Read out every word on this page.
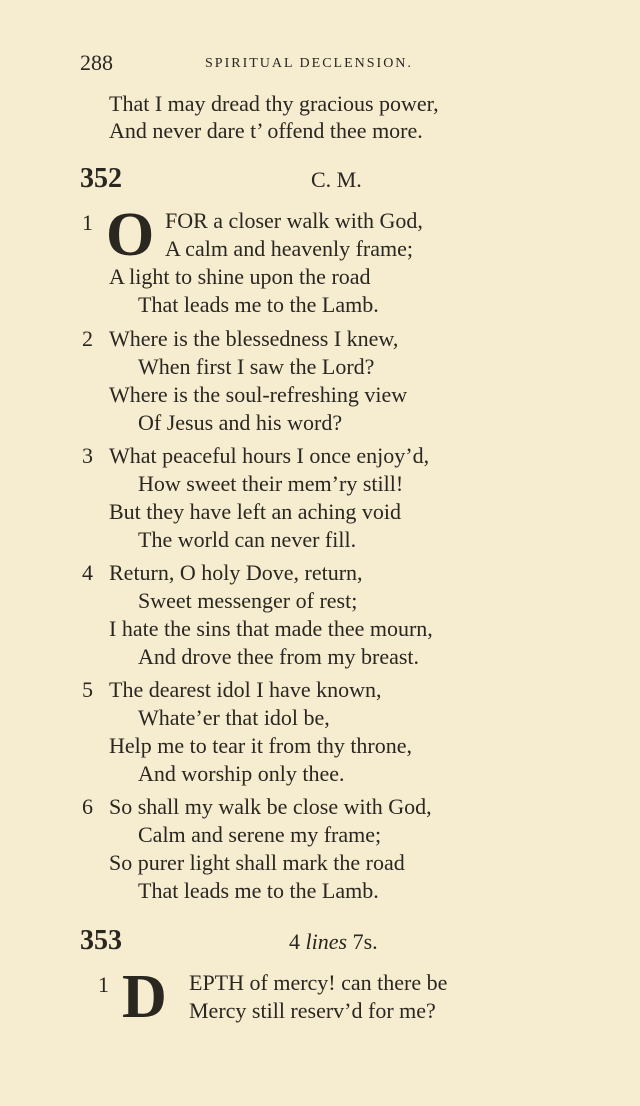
288	SPIRITUAL DECLENSION.
That I may dread thy gracious power,
And never dare t’ offend thee more.
352	C. M.
1 O FOR a closer walk with God,
A calm and heavenly frame;
A light to shine upon the road
That leads me to the Lamb.
2 Where is the blessedness I knew,
When first I saw the Lord?
Where is the soul-refreshing view
Of Jesus and his word?
3 What peaceful hours I once enjoy’d,
How sweet their mem’ry still!
But they have left an aching void
The world can never fill.
4 Return, O holy Dove, return,
Sweet messenger of rest;
I hate the sins that made thee mourn,
And drove thee from my breast.
5 The dearest idol I have known,
Whate’er that idol be,
Help me to tear it from thy throne,
And worship only thee.
6 So shall my walk be close with God,
Calm and serene my frame;
So purer light shall mark the road
That leads me to the Lamb.
353	4 lines 7s.
1 D EPTH of mercy! can there be
Mercy still reserv’d for me?
